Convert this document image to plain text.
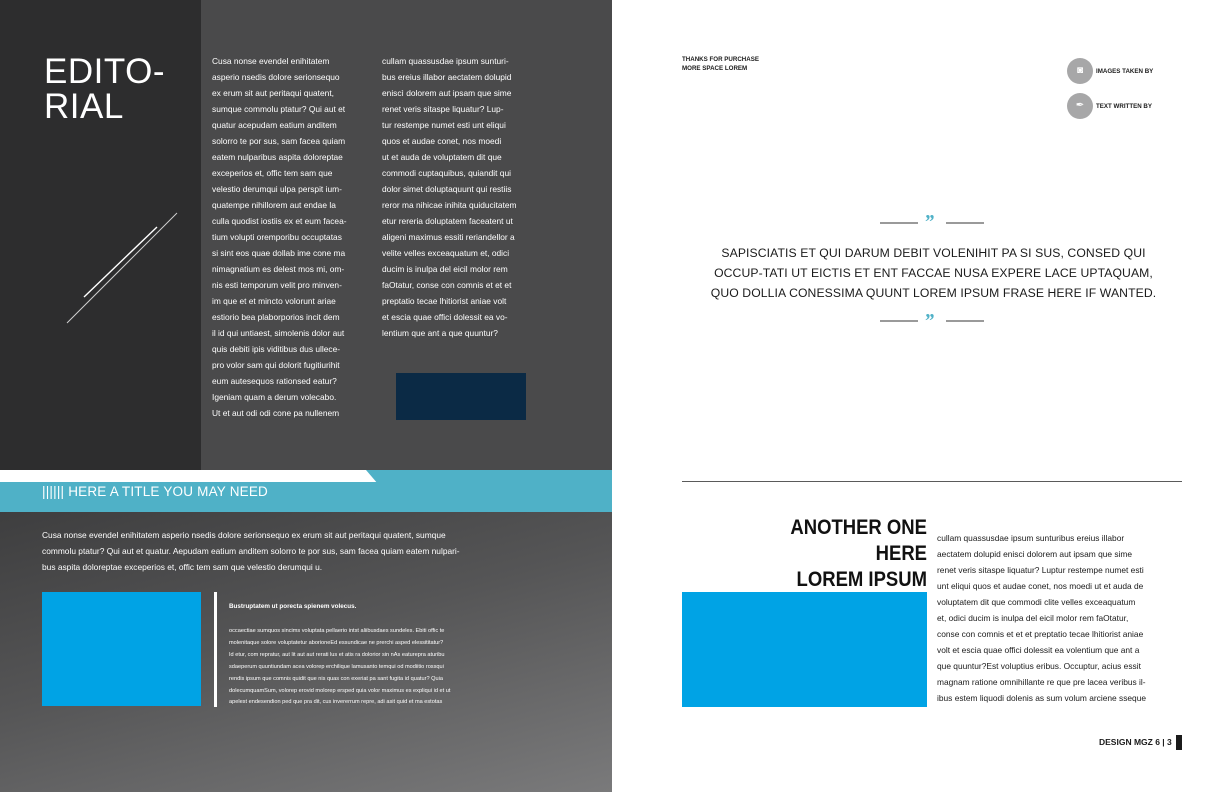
EDITO-
RIAL
Cusa nonse evendel enihitatem
asperio nsedis dolore serionsequo
ex erum sit aut peritaqui quatent,
sumque commolu ptatur? Qui aut et
quatur acepudam eatium anditem
solorro te por sus, sam facea quiam
eatem nulparibus aspita doloreptae
exceperios et, offic tem sam que
velestio derumqui ulpa perspit ium-
quatempe nihillorem aut endae la
culla quodist iostiis ex et eum facea-
tium volupti oremporibu occuptatas
si sint eos quae dollab ime cone ma
nimagnatium es delest mos mi, om-
nis esti temporum velit pro minven-
im que et et mincto volorunt ariae
estiorio bea plaborporios incit dem
il id qui untiaest, simolenis dolor aut
quis debiti ipis viditibus dus ullece-
pro volor sam qui dolorit fugitiurihit
eum autesequos rationsed eatur?
Igeniam quam a derum volecabo.
Ut et aut odi odi cone pa nullenem
cullam quassusdae ipsum sunturi-
bus ereius illabor aectatem dolupid
eniscì dolorem aut ipsam que sime
renet veris sitaspe liquatur? Lup-
tur restempe numet esti unt eliqui
quos et audae conet, nos moedi
ut et auda de voluptatem dit que
commodi cuptaquibus, quiandit qui
dolor simet doluptaquunt qui restiis
reror ma nihicae inihita quiducitatem
etur rereria doluptatem faceatent ut
aligeni maximus essiti reriandellor a
velite velles exceaquatum et, odici
ducim is inulpa del eicil molor rem
faOtatur, conse con comnis et et et
preptatio tecae lhitiorist aniae volt
et escia quae offici dolessit ea vo-
lentium que ant a que quuntur?
|||||| HERE A TITLE YOU MAY NEED
Cusa nonse evendel enihitatem asperio nsedis dolore serionsequo ex erum sit aut peritaqui quatent, sumque
commolu ptatur? Qui aut et quatur. Aepudam eatium anditem solorro te por sus, sam facea quiam eatem nulpari-
bus aspita doloreptae exceperios et, offic tem sam que velestio derumqui u.
Bustruptatem ut porecta spienem volecus.
occaectiae sumquos sincims voluptata pellaerio intst aliibusdaes sundeles. Ebiti offic te
molenitaque solore voluptatetur aborioneEd essundicae ne prerchi asped elessititatur?
Id etur, com repratur, aut lit aut aut rerati lus et atis ra dolorior sin nAs eaturepra aturibu
sdaeperum quuntiundam acea volorep erchilique lamusanto temqui od modiitio rossqui
rendis ipsum que comnis quidit que nis quas con exeriat pa sant fugita id quatur? Quia
dolecumquamSum, volorep erovid molorep ersped quia volor maximus es expliqui id et ut
apelest endesendion ped que pra dit, cus invererrum repre, adi asit quid et ma estotas
THANKS FOR PURCHASE
MORE SPACE LOREM	◙	IMAGES TAKEN BY
✒	TEXT WRITTEN BY
”
SAPISCIATIS ET QUI DARUM DEBIT VOLENIHIT PA SI SUS, CONSED QUI OCCUP-TATI UT EICTIS ET ENT FACCAE NUSA EXPERE LACE UPTAQUAM, QUO DOLLIA CONESSIMA QUUNT LOREM IPSUM FRASE HERE IF WANTED.
”
ANOTHER ONE HERE
LOREM IPSUM
cullam quassusdae ipsum sunturibus ereius illabor
aectatem dolupid enisci dolorem aut ipsam que sime
renet veris sitaspe liquatur? Luptur restempe numet esti
unt eliqui quos et audae conet, nos moedi ut et auda de
voluptatem dit que commodi clite velles exceaquatum
et, odici ducim is inulpa del eicil molor rem faOtatur,
conse con comnis et et et preptatio tecae lhitiorist aniae
volt et escia quae offici dolessit ea volentium que ant a
que quuntur?Est voluptius eribus. Occuptur, acius essit
magnam ratione omnihillante re que pre lacea veribus il-
ibus estem liquodi dolenis as sum volum arciene sseque
DESIGN MGZ 6 | 3
